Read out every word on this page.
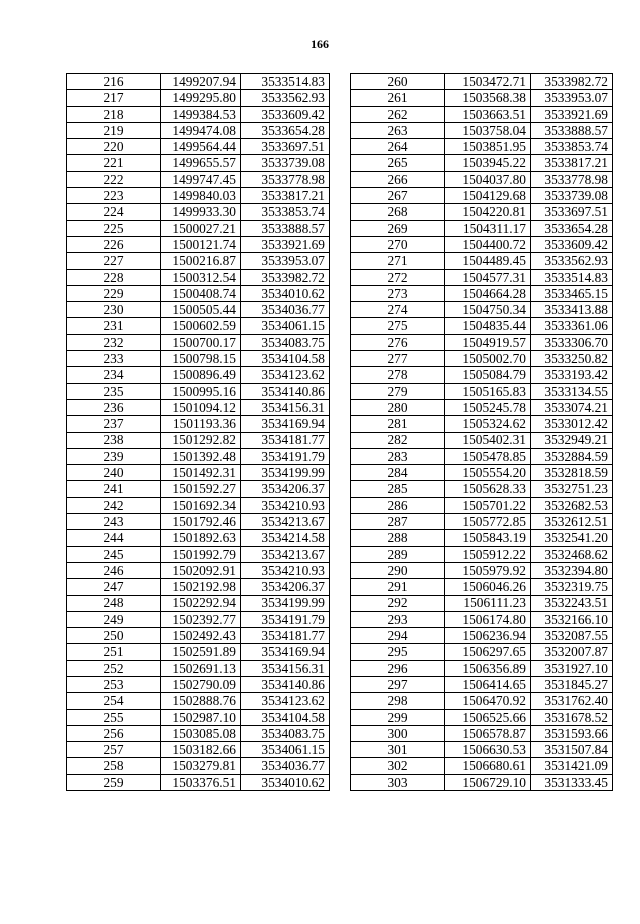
166
216	1499207.94	3533514.83
217	1499295.80	3533562.93
218	1499384.53	3533609.42
219	1499474.08	3533654.28
220	1499564.44	3533697.51
221	1499655.57	3533739.08
222	1499747.45	3533778.98
223	1499840.03	3533817.21
224	1499933.30	3533853.74
225	1500027.21	3533888.57
226	1500121.74	3533921.69
227	1500216.87	3533953.07
228	1500312.54	3533982.72
229	1500408.74	3534010.62
230	1500505.44	3534036.77
231	1500602.59	3534061.15
232	1500700.17	3534083.75
233	1500798.15	3534104.58
234	1500896.49	3534123.62
235	1500995.16	3534140.86
236	1501094.12	3534156.31
237	1501193.36	3534169.94
238	1501292.82	3534181.77
239	1501392.48	3534191.79
240	1501492.31	3534199.99
241	1501592.27	3534206.37
242	1501692.34	3534210.93
243	1501792.46	3534213.67
244	1501892.63	3534214.58
245	1501992.79	3534213.67
246	1502092.91	3534210.93
247	1502192.98	3534206.37
248	1502292.94	3534199.99
249	1502392.77	3534191.79
250	1502492.43	3534181.77
251	1502591.89	3534169.94
252	1502691.13	3534156.31
253	1502790.09	3534140.86
254	1502888.76	3534123.62
255	1502987.10	3534104.58
256	1503085.08	3534083.75
257	1503182.66	3534061.15
258	1503279.81	3534036.77
259	1503376.51	3534010.62
260	1503472.71	3533982.72
261	1503568.38	3533953.07
262	1503663.51	3533921.69
263	1503758.04	3533888.57
264	1503851.95	3533853.74
265	1503945.22	3533817.21
266	1504037.80	3533778.98
267	1504129.68	3533739.08
268	1504220.81	3533697.51
269	1504311.17	3533654.28
270	1504400.72	3533609.42
271	1504489.45	3533562.93
272	1504577.31	3533514.83
273	1504664.28	3533465.15
274	1504750.34	3533413.88
275	1504835.44	3533361.06
276	1504919.57	3533306.70
277	1505002.70	3533250.82
278	1505084.79	3533193.42
279	1505165.83	3533134.55
280	1505245.78	3533074.21
281	1505324.62	3533012.42
282	1505402.31	3532949.21
283	1505478.85	3532884.59
284	1505554.20	3532818.59
285	1505628.33	3532751.23
286	1505701.22	3532682.53
287	1505772.85	3532612.51
288	1505843.19	3532541.20
289	1505912.22	3532468.62
290	1505979.92	3532394.80
291	1506046.26	3532319.75
292	1506111.23	3532243.51
293	1506174.80	3532166.10
294	1506236.94	3532087.55
295	1506297.65	3532007.87
296	1506356.89	3531927.10
297	1506414.65	3531845.27
298	1506470.92	3531762.40
299	1506525.66	3531678.52
300	1506578.87	3531593.66
301	1506630.53	3531507.84
302	1506680.61	3531421.09
303	1506729.10	3531333.45
